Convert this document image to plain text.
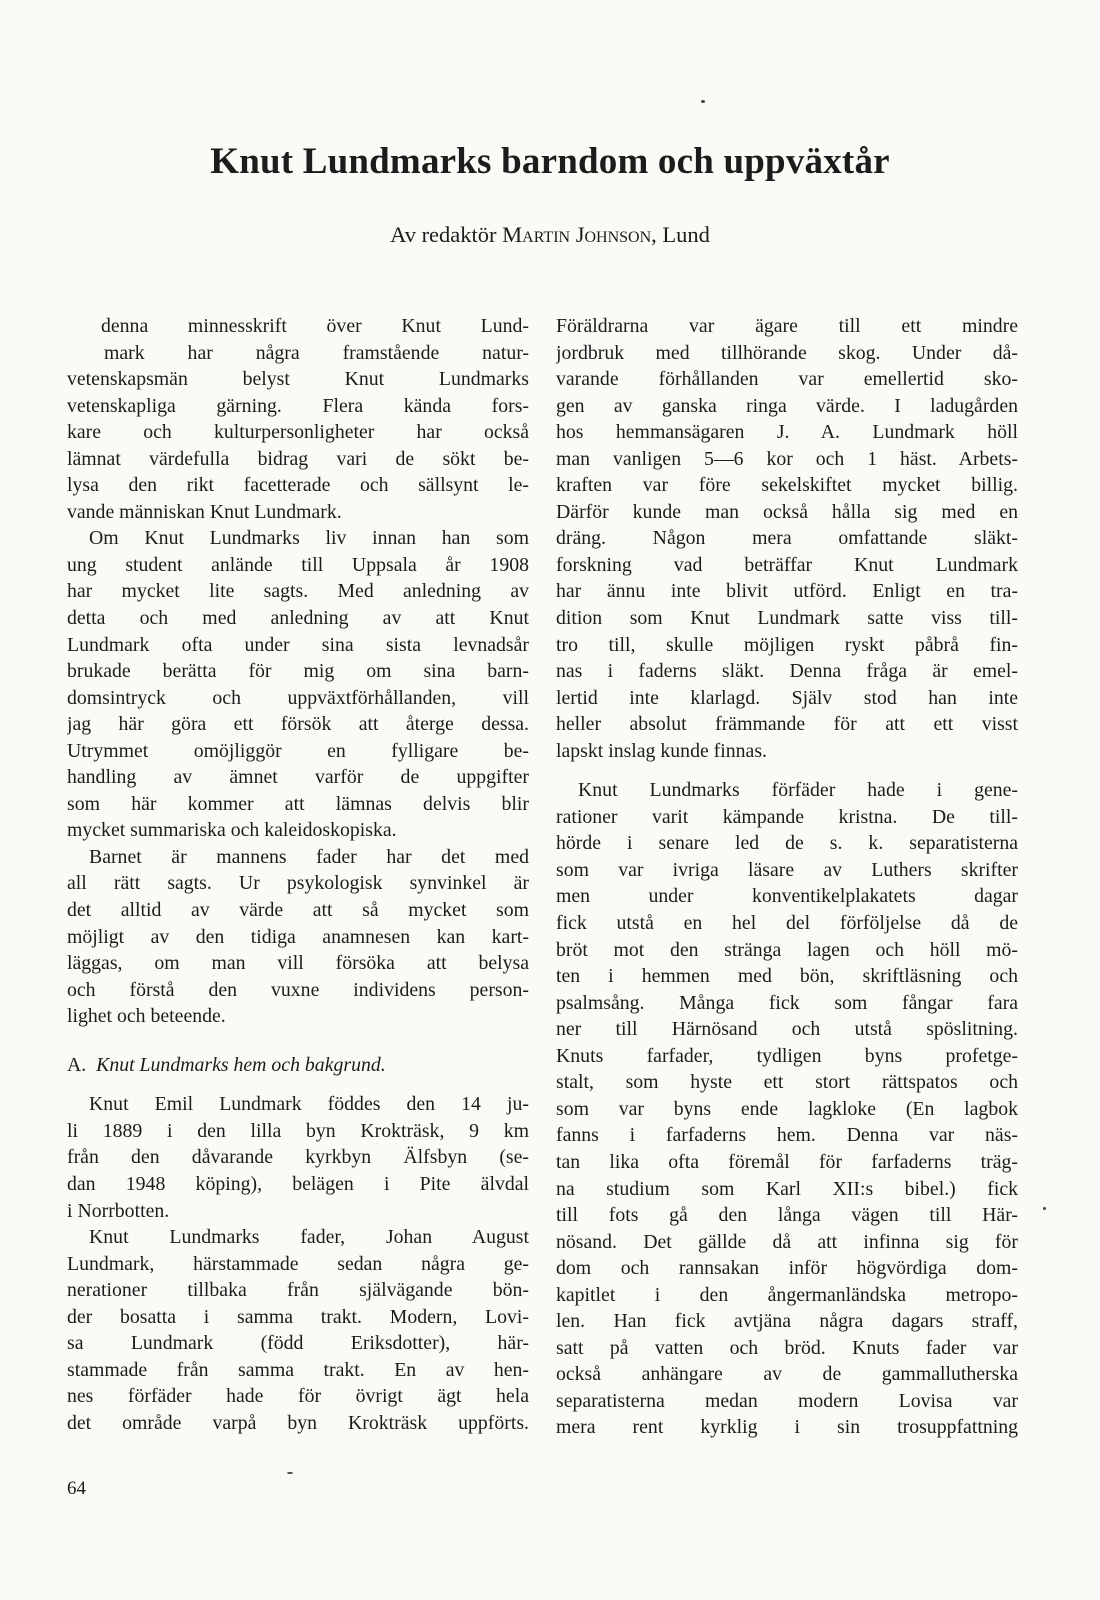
Knut Lundmarks barndom och uppväxtår

Av redaktör Martin Johnson, Lund

denna minnesskrift över Knut Lund-
mark har några framstående natur-
vetenskapsmän belyst Knut Lundmarks
vetenskapliga gärning. Flera kända fors-
kare och kulturpersonligheter har också
lämnat värdefulla bidrag vari de sökt be-
lysa den rikt facetterade och sällsynt le-
vande människan Knut Lundmark.
Om Knut Lundmarks liv innan han som
ung student anlände till Uppsala år 1908
har mycket lite sagts. Med anledning av
detta och med anledning av att Knut
Lundmark ofta under sina sista levnadsår
brukade berätta för mig om sina barn-
domsintryck och uppväxtförhållanden, vill
jag här göra ett försök att återge dessa.
Utrymmet omöjliggör en fylligare be-
handling av ämnet varför de uppgifter
som här kommer att lämnas delvis blir
mycket summariska och kaleidoskopiska.
Barnet är mannens fader har det med
all rätt sagts. Ur psykologisk synvinkel är
det alltid av värde att så mycket som
möjligt av den tidiga anamnesen kan kart-
läggas, om man vill försöka att belysa
och förstå den vuxne individens person-
lighet och beteende.
A.  Knut Lundmarks hem och bakgrund.
Knut Emil Lundmark föddes den 14 ju-
li 1889 i den lilla byn Krokträsk, 9 km
från den dåvarande kyrkbyn Älfsbyn (se-
dan 1948 köping), belägen i Pite älvdal
i Norrbotten.
Knut Lundmarks fader, Johan August
Lundmark, härstammade sedan några ge-
nerationer tillbaka från självägande bön-
der bosatta i samma trakt. Modern, Lovi-
sa Lundmark (född Eriksdotter), här-
stammade från samma trakt. En av hen-
nes förfäder hade för övrigt ägt hela
det område varpå byn Krokträsk uppförts.
Föräldrarna var ägare till ett mindre
jordbruk med tillhörande skog. Under då-
varande förhållanden var emellertid sko-
gen av ganska ringa värde. I ladugården
hos hemmansägaren J. A. Lundmark höll
man vanligen 5—6 kor och 1 häst. Arbets-
kraften var före sekelskiftet mycket billig.
Därför kunde man också hålla sig med en
dräng. Någon mera omfattande släkt-
forskning vad beträffar Knut Lundmark
har ännu inte blivit utförd. Enligt en tra-
dition som Knut Lundmark satte viss till-
tro till, skulle möjligen ryskt påbrå fin-
nas i faderns släkt. Denna fråga är emel-
lertid inte klarlagd. Själv stod han inte
heller absolut främmande för att ett visst
lapskt inslag kunde finnas.
Knut Lundmarks förfäder hade i gene-
rationer varit kämpande kristna. De till-
hörde i senare led de s. k. separatisterna
som var ivriga läsare av Luthers skrifter
men under konventikelplakatets dagar
fick utstå en hel del förföljelse då de
bröt mot den stränga lagen och höll mö-
ten i hemmen med bön, skriftläsning och
psalmsång. Många fick som fångar fara
ner till Härnösand och utstå spöslitning.
Knuts farfader, tydligen byns profetge-
stalt, som hyste ett stort rättspatos och
som var byns ende lagkloke (En lagbok
fanns i farfaderns hem. Denna var näs-
tan lika ofta föremål för farfaderns träg-
na studium som Karl XII:s bibel.) fick
till fots gå den långa vägen till Här-
nösand. Det gällde då att infinna sig för
dom och rannsakan inför högvördiga dom-
kapitlet i den ångermanländska metropo-
len. Han fick avtjäna några dagars straff,
satt på vatten och bröd. Knuts fader var
också anhängare av de gammallutherska
separatisterna medan modern Lovisa var
mera rent kyrklig i sin trosuppfattning

64
